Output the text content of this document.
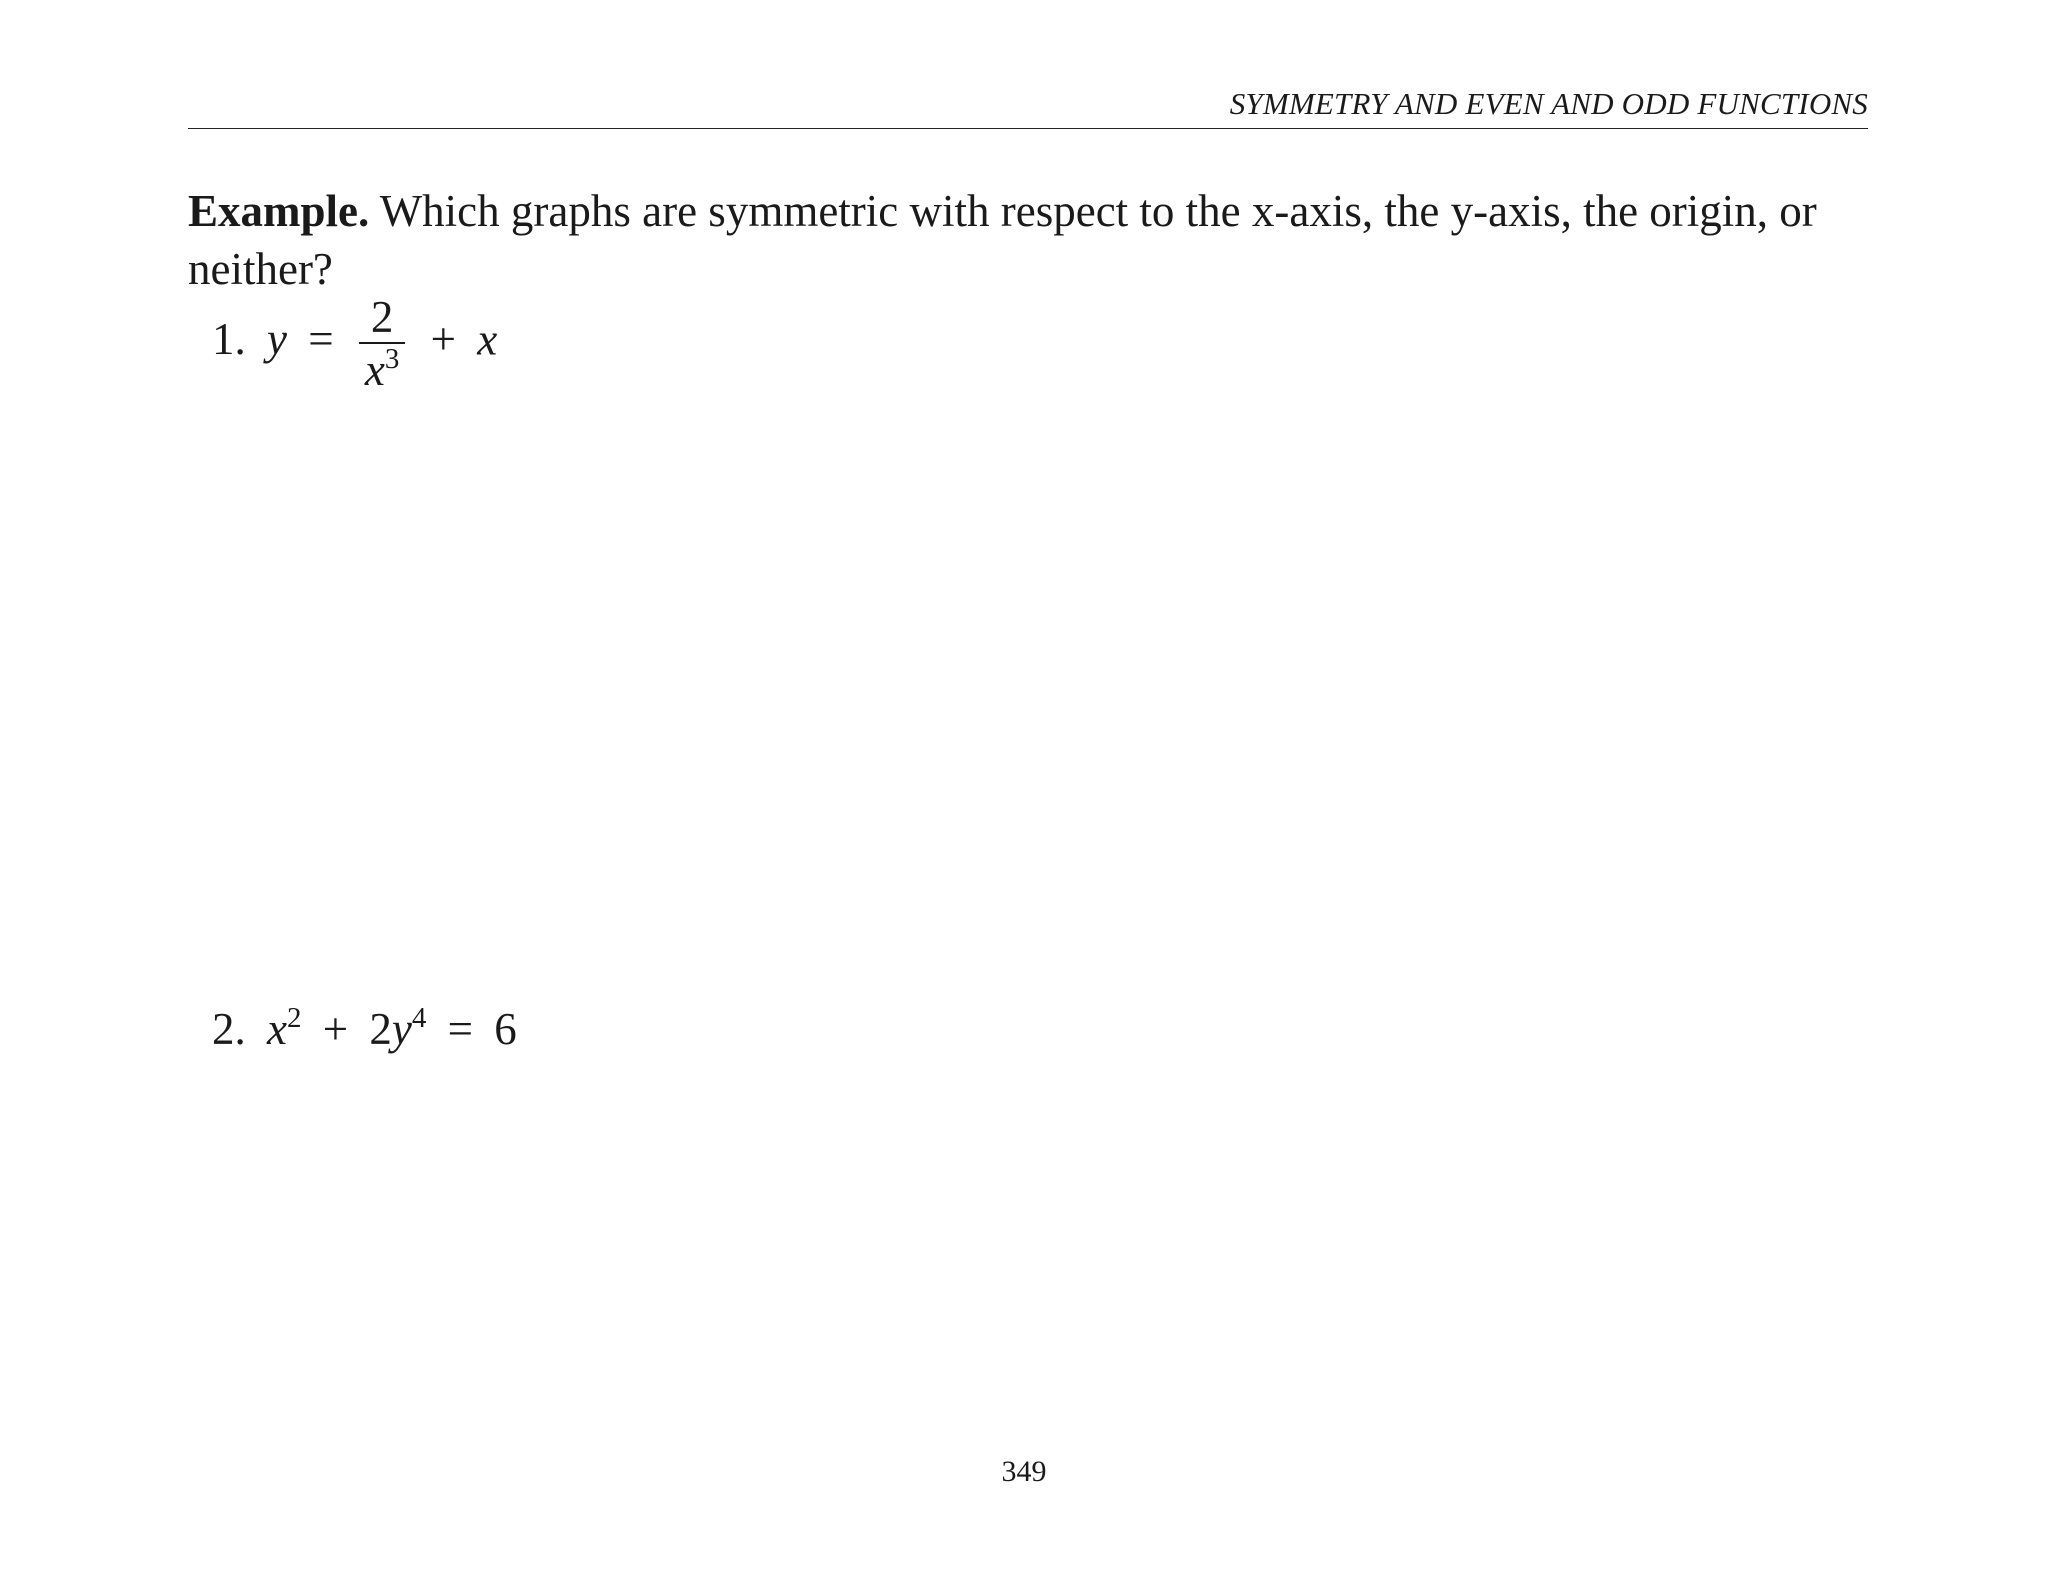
SYMMETRY AND EVEN AND ODD FUNCTIONS
Example. Which graphs are symmetric with respect to the x-axis, the y-axis, the origin, or neither?
1. $y = \frac{2}{x^3} + x$
2. $x^2 + 2y^4 = 6$
349
